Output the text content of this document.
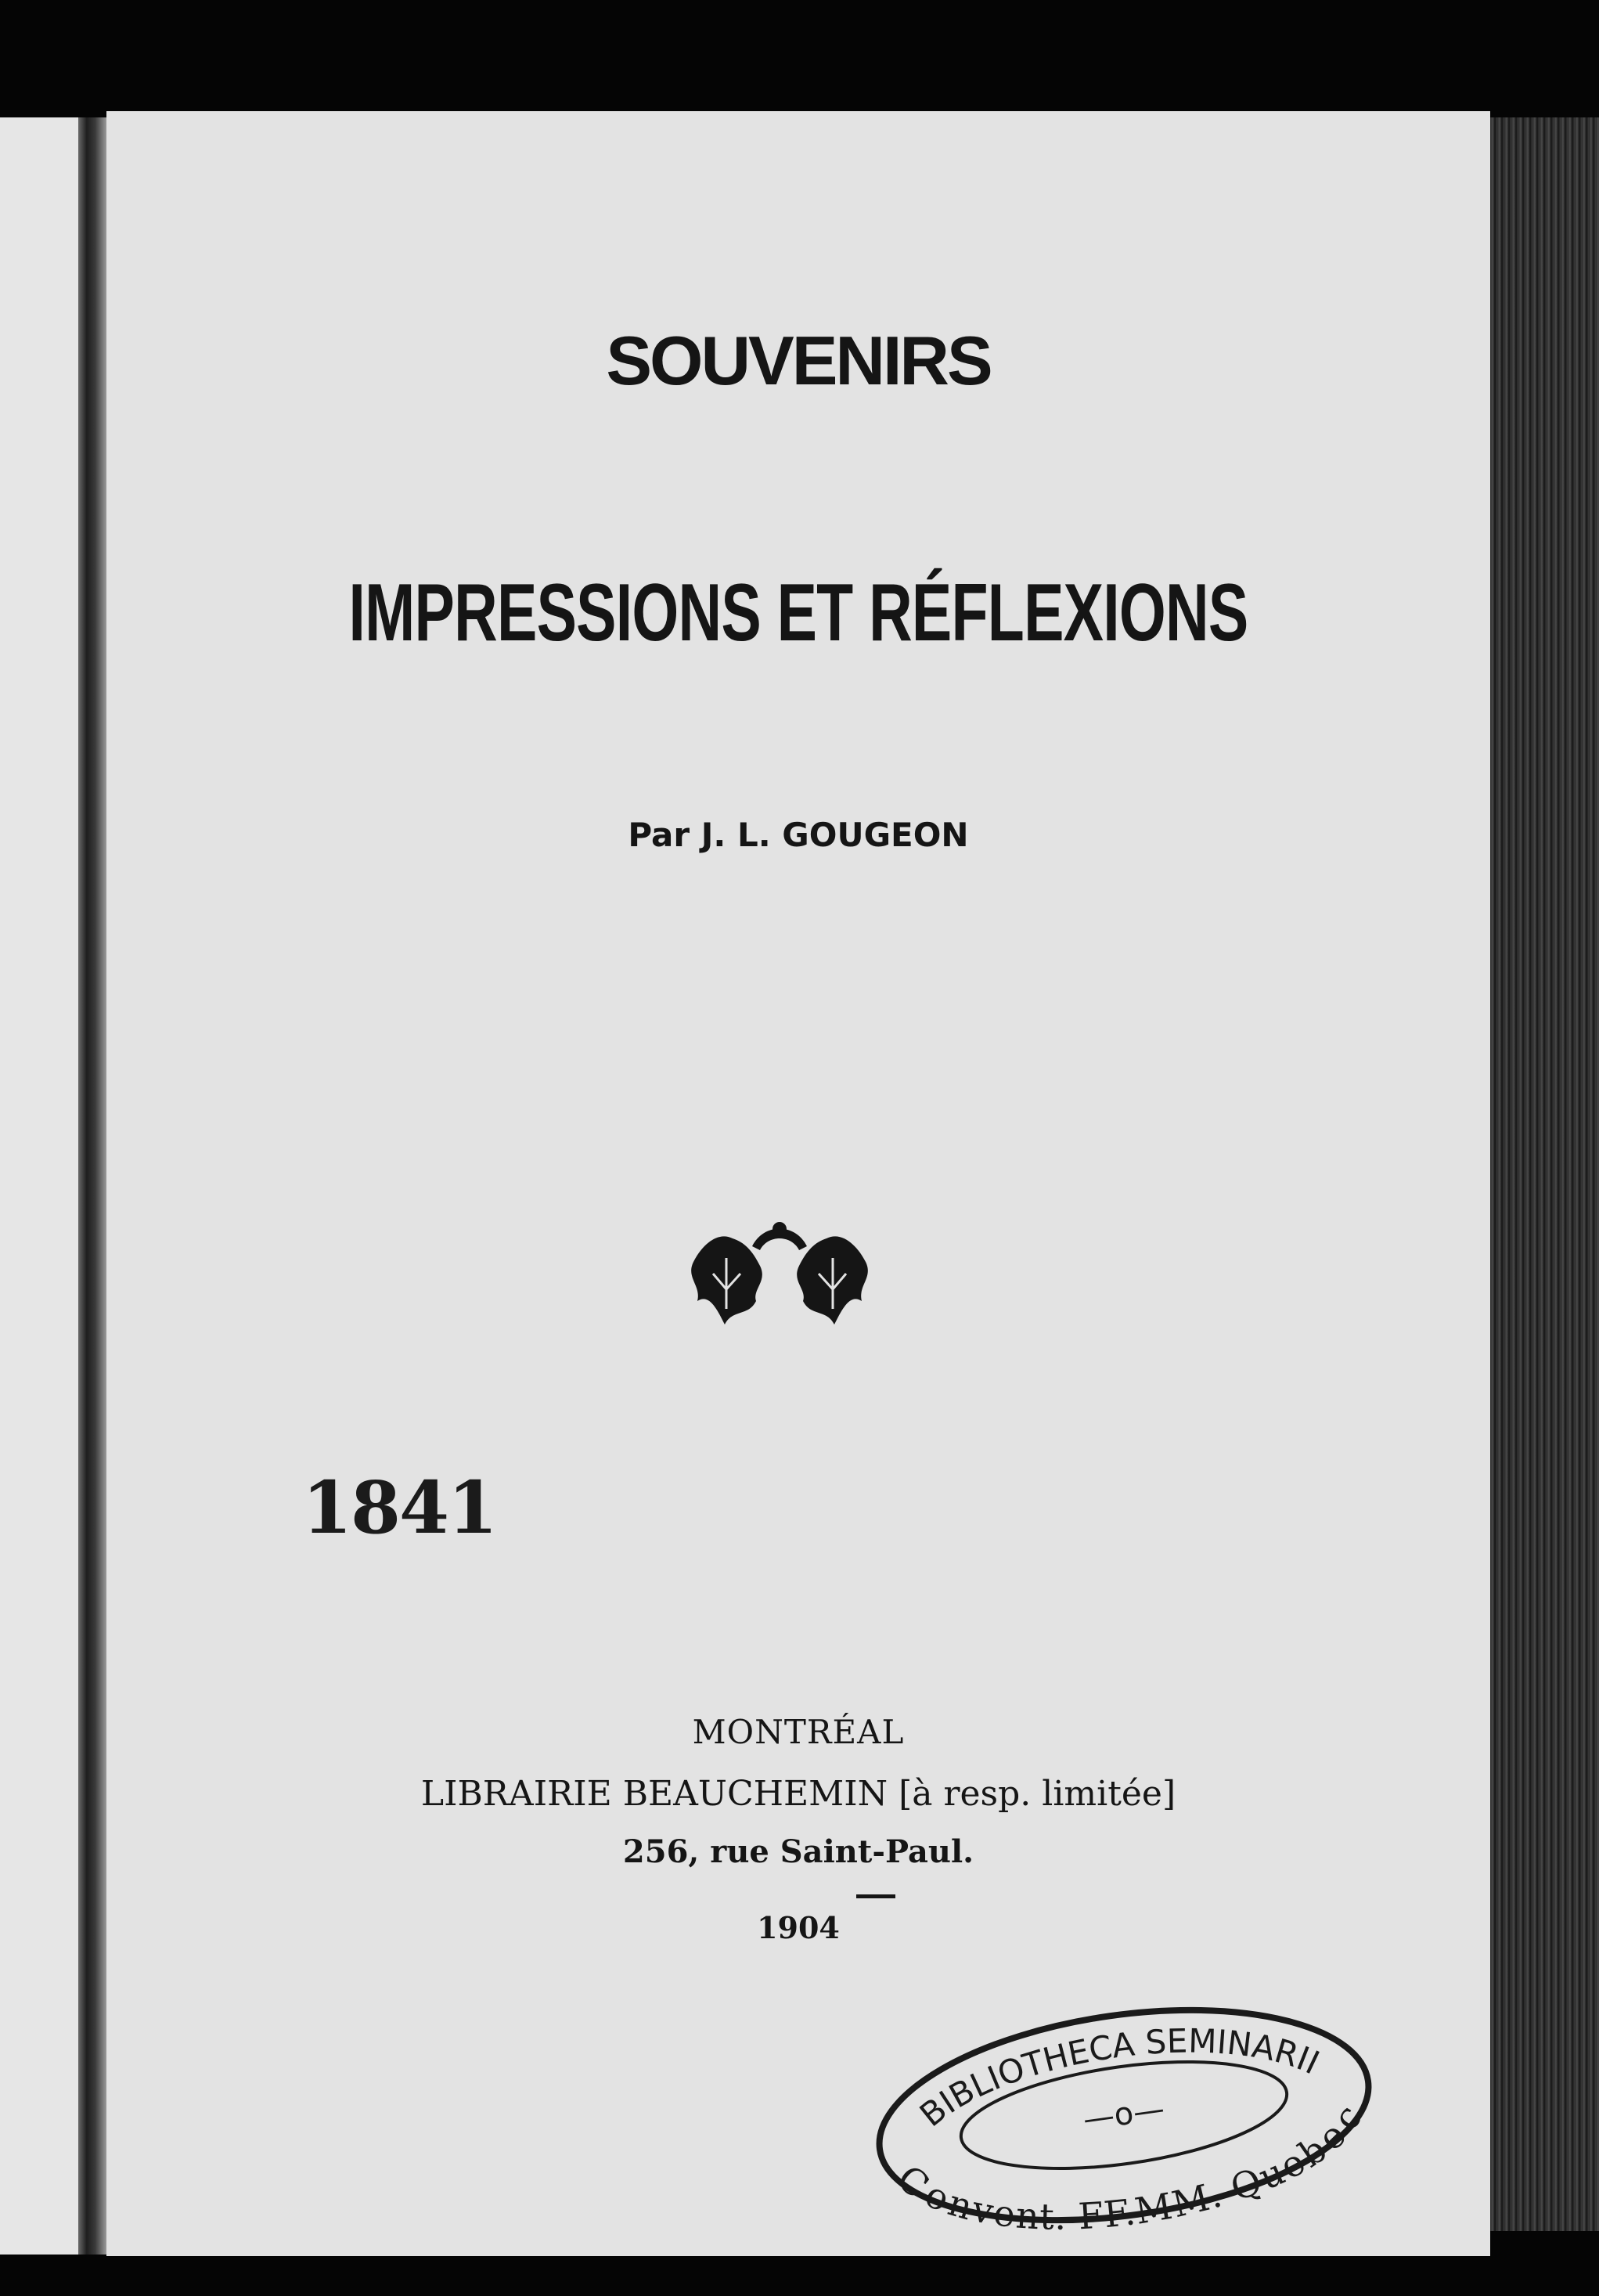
SOUVENIRS
IMPRESSIONS ET RÉFLEXIONS
Par J. L. GOUGEON
1841
MONTRÉAL
LIBRAIRIE BEAUCHEMIN [à resp. limitée]
256, rue Saint-Paul.
1904
BIBLIOTHECA SEMINARII
Convent. FF.MM. Quebec
—o—
